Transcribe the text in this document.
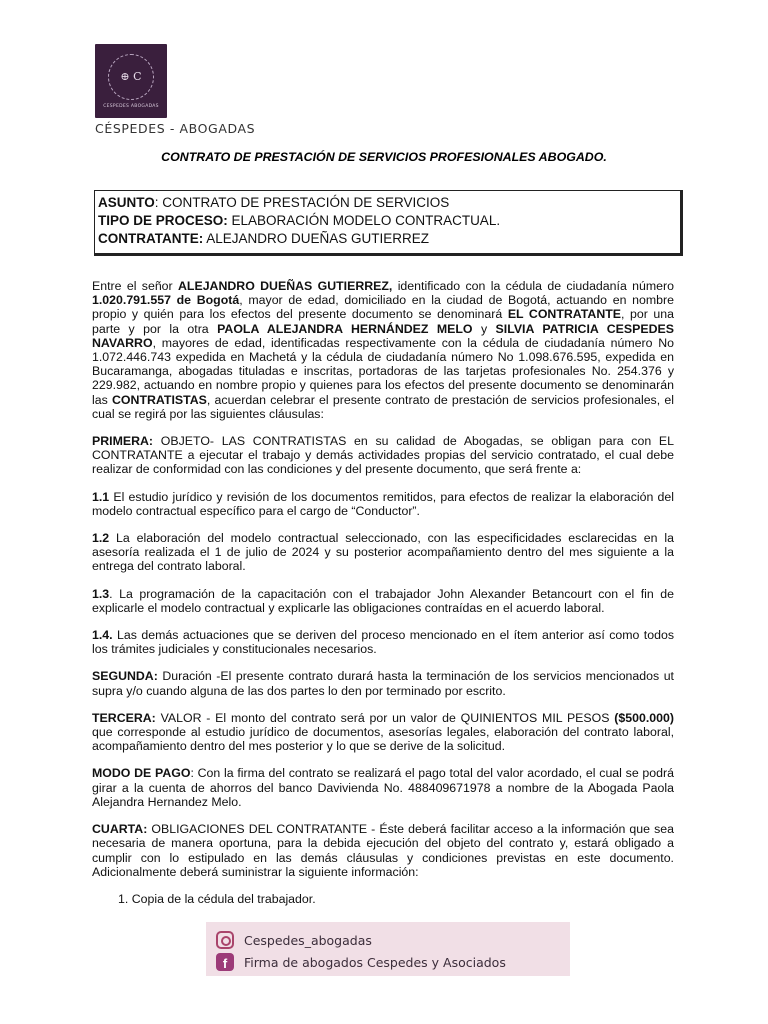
⊕ C
CESPEDES ABOGADAS
CÉSPEDES - ABOGADAS
CONTRATO DE PRESTACIÓN DE SERVICIOS PROFESIONALES ABOGADO.
ASUNTO: CONTRATO DE PRESTACIÓN DE SERVICIOS
TIPO DE PROCESO: ELABORACIÓN MODELO CONTRACTUAL.
CONTRATANTE: ALEJANDRO DUEÑAS GUTIERREZ

Entre el señor ALEJANDRO DUEÑAS GUTIERREZ, identificado con la cédula de ciudadanía número 1.020.791.557 de Bogotá, mayor de edad, domiciliado en la ciudad de Bogotá, actuando en nombre propio y quién para los efectos del presente documento se denominará EL CONTRATANTE, por una parte y por la otra PAOLA ALEJANDRA HERNÁNDEZ MELO y SILVIA PATRICIA CESPEDES NAVARRO, mayores de edad, identificadas respectivamente con la cédula de ciudadanía número No 1.072.446.743 expedida en Machetá y la cédula de ciudadanía número No 1.098.676.595, expedida en Bucaramanga, abogadas tituladas e inscritas, portadoras de las tarjetas profesionales No. 254.376 y 229.982, actuando en nombre propio y quienes para los efectos del presente documento se denominarán las CONTRATISTAS, acuerdan celebrar el presente contrato de prestación de servicios profesionales, el cual se regirá por las siguientes cláusulas:

PRIMERA: OBJETO- LAS CONTRATISTAS en su calidad de Abogadas, se obligan para con EL CONTRATANTE a ejecutar el trabajo y demás actividades propias del servicio contratado, el cual debe realizar de conformidad con las condiciones y del presente documento, que será frente a:

1.1 El estudio jurídico y revisión de los documentos remitidos, para efectos de realizar la elaboración del modelo contractual específico para el cargo de “Conductor”.

1.2 La elaboración del modelo contractual seleccionado, con las especificidades esclarecidas en la asesoría realizada el 1 de julio de 2024 y su posterior acompañamiento dentro del mes siguiente a la entrega del contrato laboral.

1.3. La programación de la capacitación con el trabajador John Alexander Betancourt con el fin de explicarle el modelo contractual y explicarle las obligaciones contraídas en el acuerdo laboral.

1.4. Las demás actuaciones que se deriven del proceso mencionado en el ítem anterior así como todos los trámites judiciales y constitucionales necesarios.

SEGUNDA: Duración -El presente contrato durará hasta la terminación de los servicios mencionados ut supra y/o cuando alguna de las dos partes lo den por terminado por escrito.

TERCERA: VALOR - El monto del contrato será por un valor de QUINIENTOS MIL PESOS ($500.000) que corresponde al estudio jurídico de documentos, asesorías legales, elaboración del contrato laboral, acompañamiento dentro del mes posterior y lo que se derive de la solicitud.

MODO DE PAGO: Con la firma del contrato se realizará el pago total del valor acordado, el cual se podrá girar a la cuenta de ahorros del banco Davivienda No. 488409671978 a nombre de la Abogada Paola Alejandra Hernandez Melo.

CUARTA: OBLIGACIONES DEL CONTRATANTE - Éste deberá facilitar acceso a la información que sea necesaria de manera oportuna, para la debida ejecución del objeto del contrato y, estará obligado a cumplir con lo estipulado en las demás cláusulas y condiciones previstas en este documento. Adicionalmente deberá suministrar la siguiente información:

1. Copia de la cédula del trabajador.

Cespedes_abogadas
f	Firma de abogados Cespedes y Asociados
